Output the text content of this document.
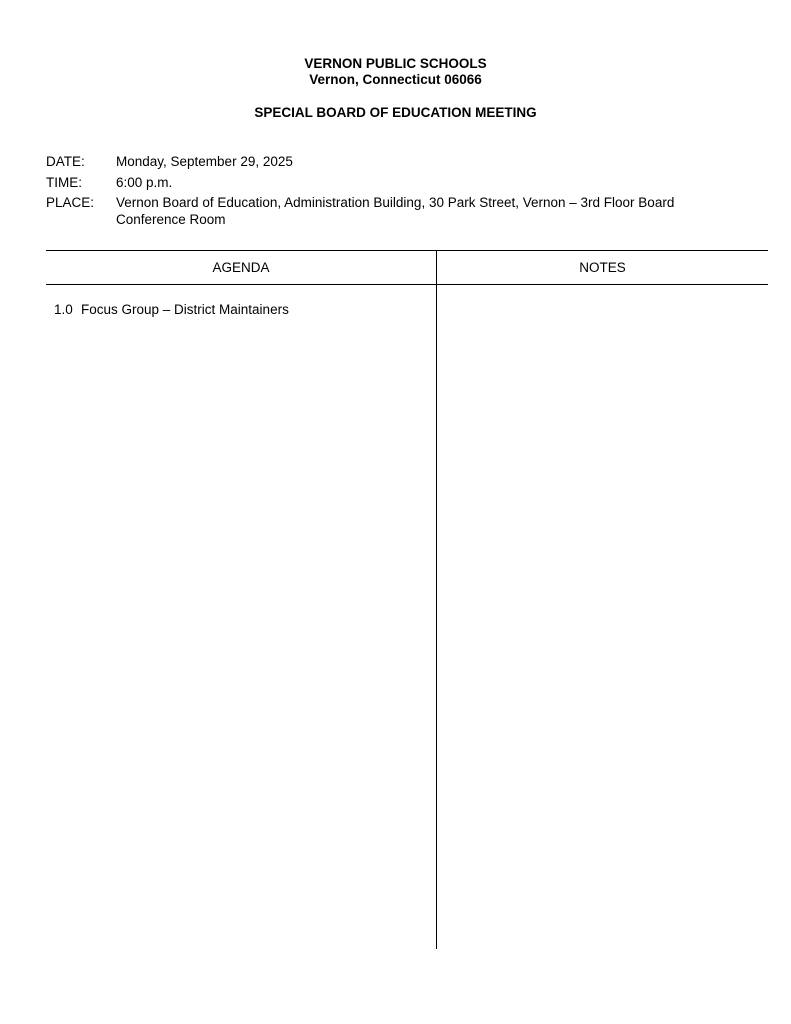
VERNON PUBLIC SCHOOLS
Vernon, Connecticut 06066
SPECIAL BOARD OF EDUCATION MEETING
DATE:	Monday, September 29, 2025
TIME:	6:00 p.m.
PLACE:	Vernon Board of Education, Administration Building, 30 Park Street, Vernon – 3rd Floor Board Conference Room
AGENDA	NOTES
1.0 Focus Group – District Maintainers
